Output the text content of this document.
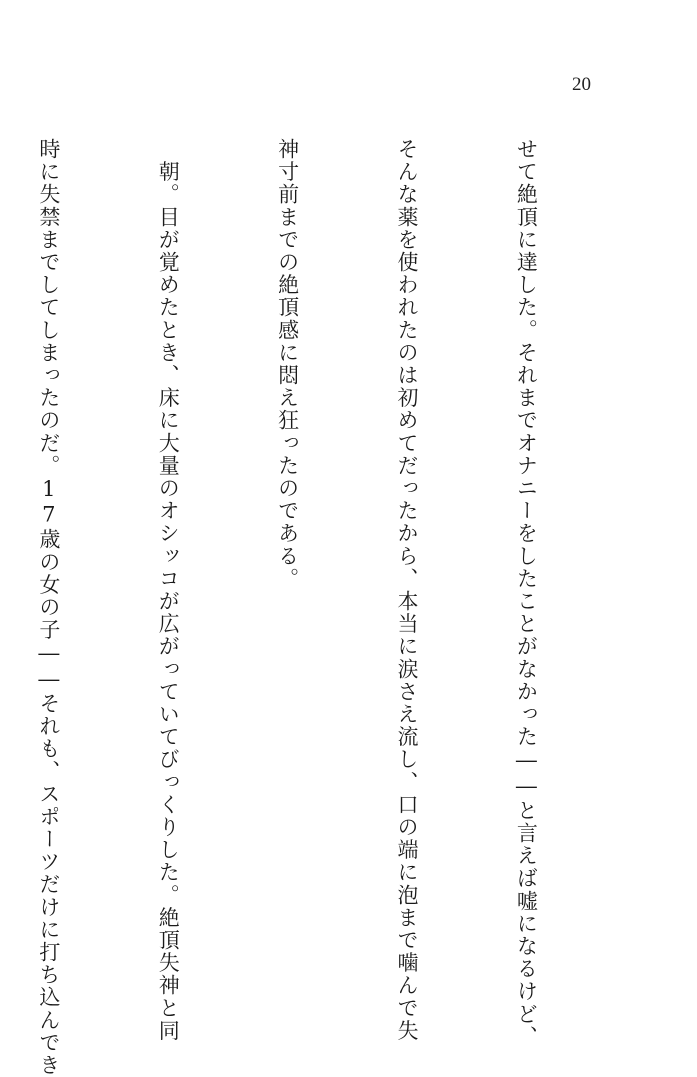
20

せて絶頂に達した。それまでオナニーをしたことがなかった――と言えば嘘になるけど、

そんな薬を使われたのは初めてだったから、本当に涙さえ流し、口の端に泡まで噛んで失

神寸前までの絶頂感に悶え狂ったのである。

　朝。目が覚めたとき、床に大量のオシッコが広がっていてびっくりした。絶頂失神と同

時に失禁までしてしまったのだ。17歳の女の子――それも、スポーツだけに打ち込んでき
